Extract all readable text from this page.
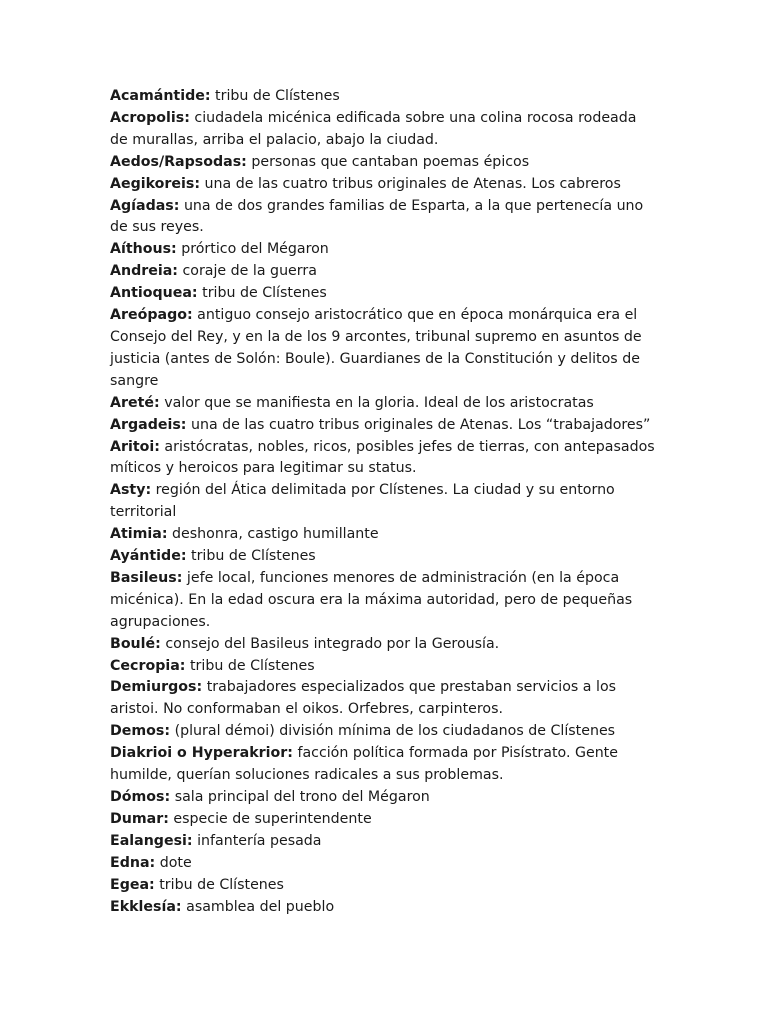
Acamántide: tribu de Clístenes

Acropolis: ciudadela micénica edificada sobre una colina rocosa rodeada de murallas, arriba el palacio, abajo la ciudad.

Aedos/Rapsodas: personas que cantaban poemas épicos

Aegikoreis: una de las cuatro tribus originales de Atenas. Los cabreros

Agíadas: una de dos grandes familias de Esparta, a la que pertenecía uno de sus reyes.

Aíthous: prórtico del Mégaron

Andreia: coraje de la guerra

Antioquea: tribu de Clístenes

Areópago: antiguo consejo aristocrático que en época monárquica era el Consejo del Rey, y en la de los 9 arcontes, tribunal supremo en asuntos de justicia (antes de Solón: Boule). Guardianes de la Constitución y delitos de sangre

Areté: valor que se manifiesta en la gloria. Ideal de los aristocratas

Argadeis: una de las cuatro tribus originales de Atenas. Los “trabajadores”

Aritoi: aristócratas, nobles, ricos, posibles jefes de tierras, con antepasados míticos y heroicos para legitimar su status.

Asty: región del Ática delimitada por Clístenes. La ciudad y su entorno territorial

Atimia: deshonra, castigo humillante

Ayántide: tribu de Clístenes

Basileus: jefe local, funciones menores de administración (en la época micénica). En la edad oscura era la máxima autoridad, pero de pequeñas agrupaciones.

Boulé: consejo del Basileus integrado por la Gerousía.

Cecropia: tribu de Clístenes

Demiurgos: trabajadores especializados que prestaban servicios a los aristoi. No conformaban el oikos. Orfebres, carpinteros.

Demos: (plural démoi) división mínima de los ciudadanos de Clístenes

Diakrioi o Hyperakrior: facción política formada por Pisístrato. Gente humilde, querían soluciones radicales a sus problemas.

Dómos: sala principal del trono del Mégaron

Dumar: especie de superintendente

Ealangesi: infantería pesada

Edna: dote

Egea: tribu de Clístenes

Ekklesía: asamblea del pueblo
